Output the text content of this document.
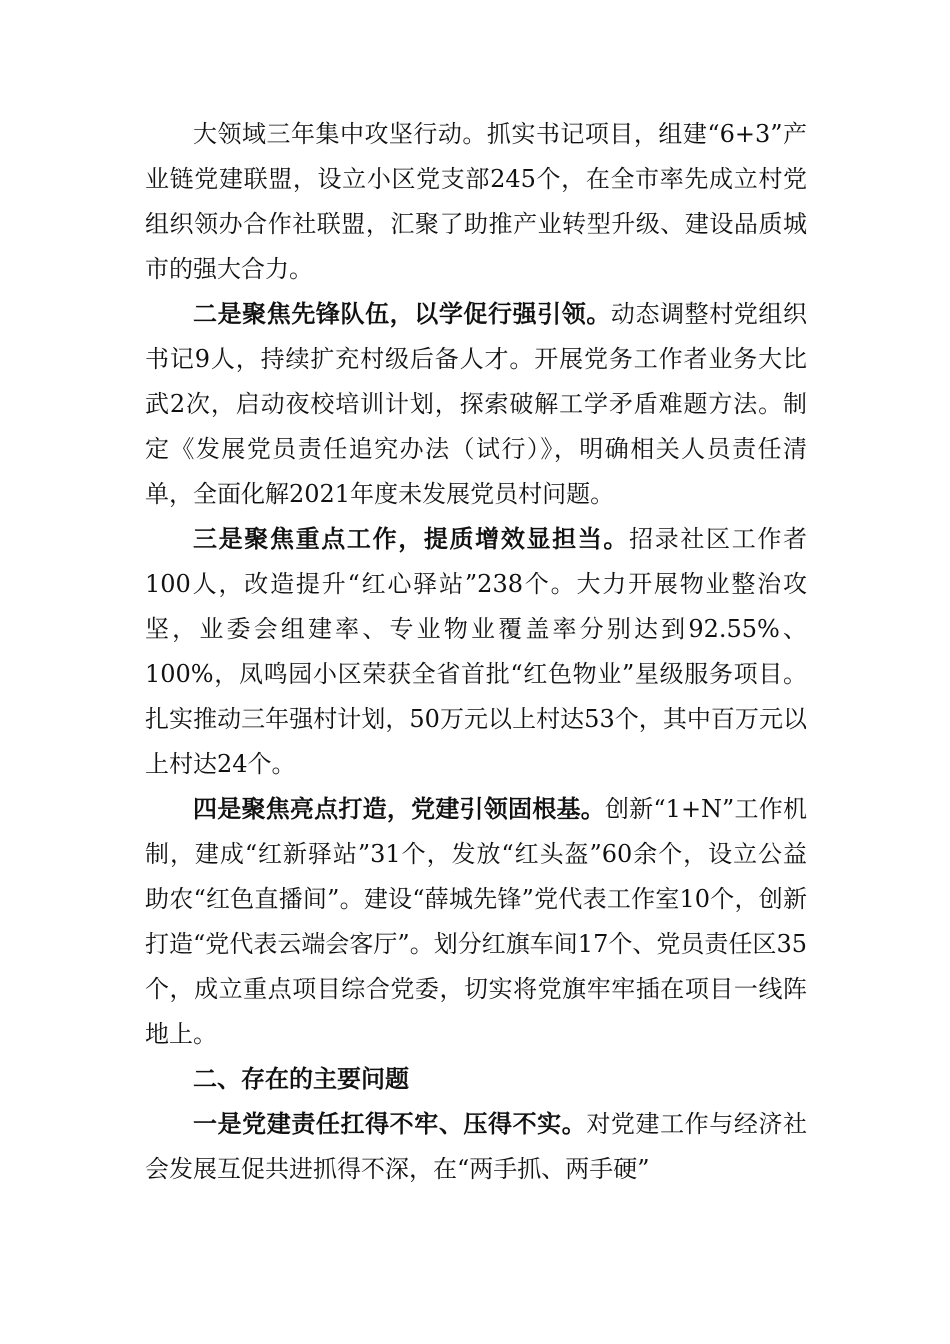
大领域三年集中攻坚行动。抓实书记项目，组建“6+3”产业链党建联盟，设立小区党支部245个，在全市率先成立村党组织领办合作社联盟，汇聚了助推产业转型升级、建设品质城市的强大合力。

二是聚焦先锋队伍，以学促行强引领。动态调整村党组织书记9人，持续扩充村级后备人才。开展党务工作者业务大比武2次，启动夜校培训计划，探索破解工学矛盾难题方法。制定《发展党员责任追究办法（试行）》，明确相关人员责任清单，全面化解2021年度未发展党员村问题。

三是聚焦重点工作，提质增效显担当。招录社区工作者100人，改造提升“红心驿站”238个。大力开展物业整治攻坚，业委会组建率、专业物业覆盖率分别达到92.55%、100%，凤鸣园小区荣获全省首批“红色物业”星级服务项目。扎实推动三年强村计划，50万元以上村达53个，其中百万元以上村达24个。

四是聚焦亮点打造，党建引领固根基。创新“1+N”工作机制，建成“红新驿站”31个，发放“红头盔”60余个，设立公益助农“红色直播间”。建设“薛城先锋”党代表工作室10个，创新打造“党代表云端会客厅”。划分红旗车间17个、党员责任区35个，成立重点项目综合党委，切实将党旗牢牢插在项目一线阵地上。

二、存在的主要问题

一是党建责任扛得不牢、压得不实。对党建工作与经济社会发展互促共进抓得不深，在“两手抓、两手硬”
